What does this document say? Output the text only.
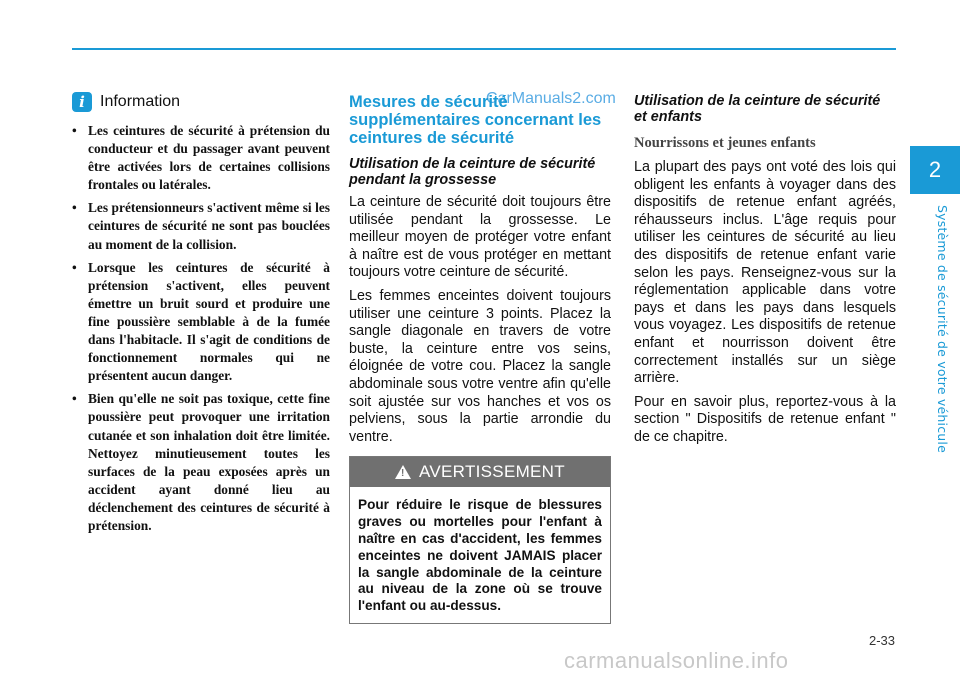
2
Système de sécurité de votre véhicule
CarManuals2.com
i Information
• Les ceintures de sécurité à prétension du conducteur et du passager avant peuvent être activées lors de certaines collisions frontales ou latérales.
• Les prétensionneurs s'activent même si les ceintures de sécurité ne sont pas bouclées au moment de la collision.
• Lorsque les ceintures de sécurité à prétension s'activent, elles peuvent émettre un bruit sourd et produire une fine poussière semblable à de la fumée dans l'habitacle. Il s'agit de conditions de fonctionnement normales qui ne présentent aucun danger.
• Bien qu'elle ne soit pas toxique, cette fine poussière peut provoquer une irritation cutanée et son inhalation doit être limitée. Nettoyez minutieusement toutes les surfaces de la peau exposées après un accident ayant donné lieu au déclenchement des ceintures de sécurité à prétension.
Mesures de sécurité supplémentaires concernant les ceintures de sécurité
Utilisation de la ceinture de sécurité pendant la grossesse

La ceinture de sécurité doit toujours être utilisée pendant la grossesse. Le meilleur moyen de protéger votre enfant à naître est de vous protéger en mettant toujours votre ceinture de sécurité.

Les femmes enceintes doivent toujours utiliser une ceinture 3 points. Placez la sangle diagonale en travers de votre buste, la ceinture entre vos seins, éloignée de votre cou. Placez la sangle abdominale sous votre ventre afin qu'elle soit ajustée sur vos hanches et vos os pelviens, sous la partie arrondie du ventre.

! AVERTISSEMENT
Pour réduire le risque de blessures graves ou mortelles pour l'enfant à naître en cas d'accident, les femmes enceintes ne doivent JAMAIS placer la sangle abdominale de la ceinture au niveau de la zone où se trouve l'enfant ou au-dessus.
Utilisation de la ceinture de sécurité et enfants
Nourrissons et jeunes enfants

La plupart des pays ont voté des lois qui obligent les enfants à voyager dans des dispositifs de retenue enfant agréés, réhausseurs inclus. L'âge requis pour utiliser les ceintures de sécurité au lieu des dispositifs de retenue enfant varie selon les pays. Renseignez-vous sur la réglementation applicable dans votre pays et dans les pays dans lesquels vous voyagez. Les dispositifs de retenue enfant et nourrisson doivent être correctement installés sur un siège arrière.

Pour en savoir plus, reportez-vous à la section " Dispositifs de retenue enfant " de ce chapitre.

2-33
carmanualsonline.info
